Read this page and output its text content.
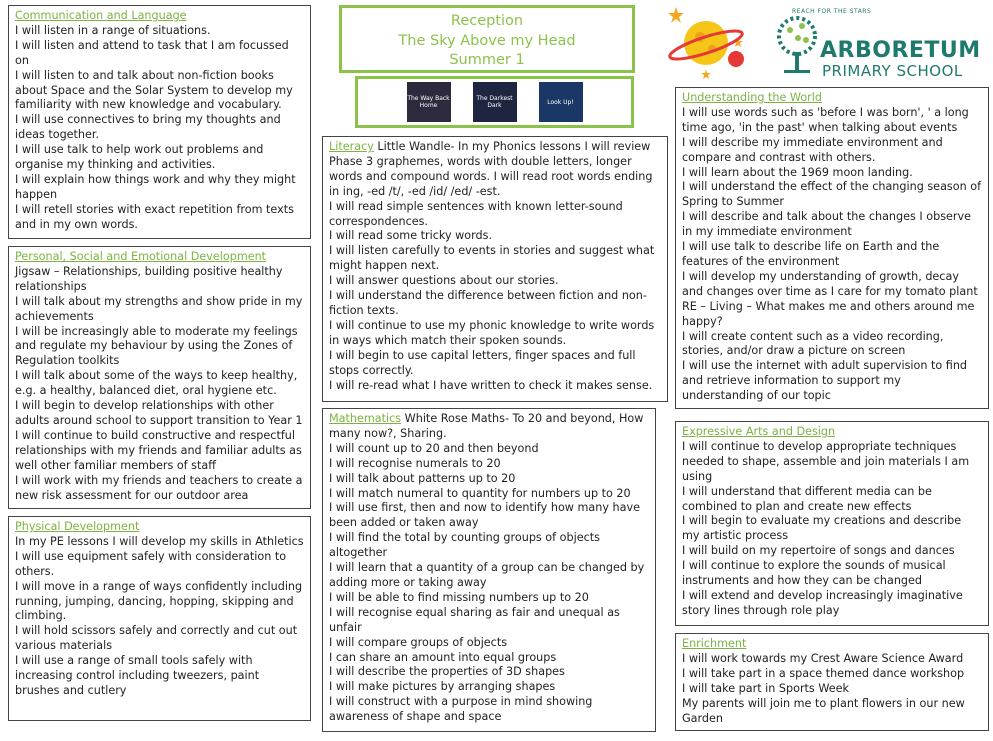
Communication and Language

I will listen in a range of situations.

I will listen and attend to task that I am focussed on

I will listen to and talk about non-fiction books about Space and the Solar System to develop my familiarity with new knowledge and vocabulary.

I will use connectives to bring my thoughts and ideas together.

I will use talk to help work out problems and organise my thinking and activities.

I will explain how things work and why they might happen

I will retell stories with exact repetition from texts and in my own words.

Personal, Social and Emotional Development

Jigsaw – Relationships, building positive healthy relationships

I will talk about my strengths and show pride in my achievements

I will be increasingly able to moderate my feelings and regulate my behaviour by using the Zones of Regulation toolkits

I will talk about some of the ways to keep healthy, e.g. a healthy, balanced diet, oral hygiene etc.

I will begin to develop relationships with other adults around school to support transition to Year 1

I will continue to build constructive and respectful relationships with my friends and familiar adults as well other familiar members of staff

I will work with my friends and teachers to create a new risk assessment for our outdoor area

Physical Development

In my PE lessons I will develop my skills in Athletics

I will use equipment safely with consideration to others.

I will move in a range of ways confidently including running, jumping, dancing, hopping, skipping and climbing.

I will hold scissors safely and correctly and cut out various materials

I will use a range of small tools safely with increasing control including tweezers, paint brushes and cutlery

Reception
The Sky Above my Head
Summer 1
The Way Back Home
The Darkest Dark	Look Up!

Literacy Little Wandle- In my Phonics lessons I will review Phase 3 graphemes, words with double letters, longer words and compound words. I will read root words ending in ing, -ed /t/, -ed /id/ /ed/ -est.

I will read simple sentences with known letter-sound correspondences.

I will read some tricky words.

I will listen carefully to events in stories and suggest what might happen next.

I will answer questions about our stories.

I will understand the difference between fiction and non-fiction texts.

I will continue to use my phonic knowledge to write words in ways which match their spoken sounds.

I will begin to use capital letters, finger spaces and full stops correctly.

I will re-read what I have written to check it makes sense.

Mathematics White Rose Maths- To 20 and beyond, How many now?, Sharing.

I will count up to 20 and then beyond

I will recognise numerals to 20

I will talk about patterns up to 20

I will match numeral to quantity for numbers up to 20

I will use first, then and now to identify how many have been added or taken away

I will find the total by counting groups of objects altogether

I will learn that a quantity of a group can be changed by adding more or taking away

I will be able to find missing numbers up to 20

I will recognise equal sharing as fair and unequal as unfair

I will compare groups of objects

I can share an amount into equal groups

I will describe the properties of 3D shapes

I will make pictures by arranging shapes

I will construct with a purpose in mind showing awareness of shape and space

REACH FOR THE STARS
ARBORETUM
PRIMARY SCHOOL
Understanding the World

I will use words such as 'before I was born', ' a long time ago, 'in the past' when talking about events

I will describe my immediate environment and compare and contrast with others.

I will learn about the 1969 moon landing.

I will understand the effect of the changing season of Spring to Summer

I will describe and talk about the changes I observe in my immediate environment

I will use talk to describe life on Earth and the features of the environment

I will develop my understanding of growth, decay and changes over time as I care for my tomato plant

RE – Living – What makes me and others around me happy?

I will create content such as a video recording, stories, and/or draw a picture on screen

I will use the internet with adult supervision to find and retrieve information to support my understanding of our topic

Expressive Arts and Design

I will continue to develop appropriate techniques needed to shape, assemble and join materials I am using

I will understand that different media can be combined to plan and create new effects

I will begin to evaluate my creations and describe my artistic process

I will build on my repertoire of songs and dances

I will continue to explore the sounds of musical instruments and how they can be changed

I will extend and develop increasingly imaginative story lines through role play

Enrichment

I will work towards my Crest Aware Science Award

I will take part in a space themed dance workshop

I will take part in Sports Week

My parents will join me to plant flowers in our new Garden
